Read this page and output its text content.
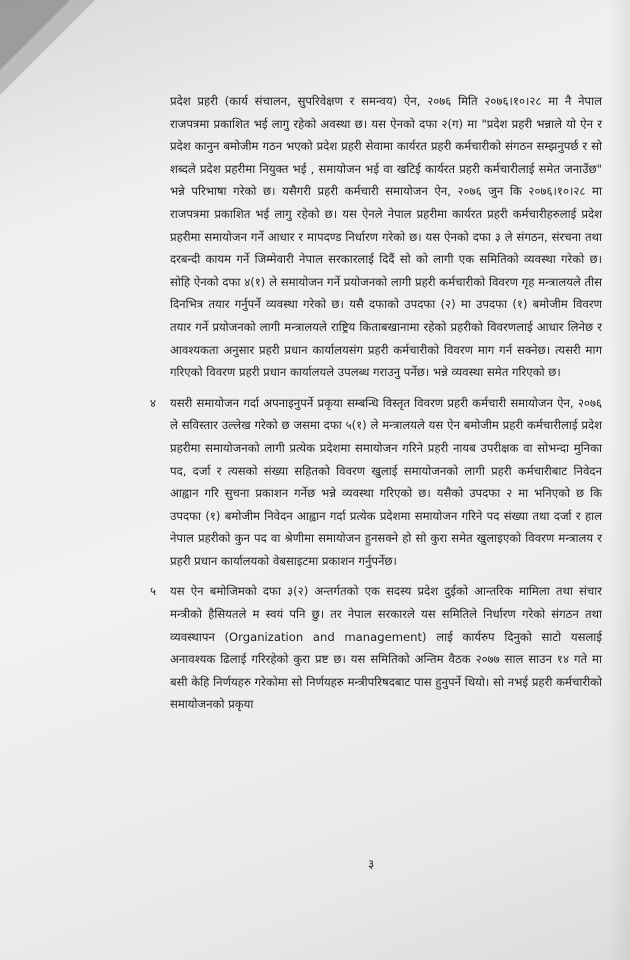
प्रदेश प्रहरी (कार्य संचालन, सुपरिवेक्षण र समन्वय) ऐन, २०७६ मिति २०७६।१०।२८ मा नै नेपाल राजपत्रमा प्रकाशित भई लागु रहेको अवस्था छ। यस ऐनको दफा २(ग) मा "प्रदेश प्रहरी भन्नाले यो ऐन र प्रदेश कानुन बमोजीम गठन भएको प्रदेश प्रहरी सेवामा कार्यरत प्रहरी कर्मचारीको संगठन सम्झनुपर्छ र सो शब्दले प्रदेश प्रहरीमा नियुक्त भई , समायोजन भई वा खटिई कार्यरत प्रहरी कर्मचारीलाई समेत जनाउँछ" भन्ने परिभाषा गरेको छ। यसैगरी प्रहरी कर्मचारी समायोजन ऐन, २०७६ जुन कि २०७६।१०।२८ मा राजपत्रमा प्रकाशित भई लागु रहेको छ। यस ऐनले नेपाल प्रहरीमा कार्यरत प्रहरी कर्मचारीहरुलाई प्रदेश प्रहरीमा समायोजन गर्ने आधार र मापदण्ड निर्धारण गरेको छ। यस ऐनको दफा ३ ले संगठन, संरचना तथा दरबन्दी कायम गर्ने जिम्मेवारी नेपाल सरकारलाई दिदैं सो को लागी एक समितिको व्यवस्था गरेको छ। सोहि ऐनको दफा ४(१) ले समायोजन गर्ने प्रयोजनको लागी प्रहरी कर्मचारीको विवरण गृह मन्त्रालयले तीस दिनभित्र तयार गर्नुपर्ने व्यवस्था गरेको छ। यसै दफाको उपदफा (२) मा उपदफा (१) बमोजीम विवरण तयार गर्ने प्रयोजनको लागी मन्त्रालयले राष्ट्रिय किताबखानामा रहेको प्रहरीको विवरणलाई आधार लिनेछ र आवश्यकता अनुसार प्रहरी प्रधान कार्यालयसंग प्रहरी कर्मचारीको विवरण माग गर्न सक्नेछ। त्यसरी माग गरिएको विवरण प्रहरी प्रधान कार्यालयले उपलब्ध गराउनु पर्नेछ। भन्ने व्यवस्था समेत गरिएको छ।
४ यसरी समायोजन गर्दा अपनाइनुपर्ने प्रकृया सम्बन्धि विस्तृत विवरण प्रहरी कर्मचारी समायोजन ऐन, २०७६ ले सविस्तार उल्लेख गरेको छ जसमा दफा ५(१) ले मन्त्रालयले यस ऐन बमोजीम प्रहरी कर्मचारीलाई प्रदेश प्रहरीमा समायोजनको लागी प्रत्येक प्रदेशमा समायोजन गरिने प्रहरी नायब उपरीक्षक वा सोभन्दा मुनिका पद, दर्जा र त्यसको संख्या सहितको विवरण खुलाई समायोजनको लागी प्रहरी कर्मचारीबाट निवेदन आह्वान गरि सुचना प्रकाशन गर्नेछ भन्ने व्यवस्था गरिएको छ। यसैको उपदफा २ मा भनिएको छ कि उपदफा (१) बमोजीम निवेदन आह्वान गर्दा प्रत्येक प्रदेशमा समायोजन गरिने पद संख्या तथा दर्जा र हाल नेपाल प्रहरीको कुन पद वा श्रेणीमा समायोजन हुनसक्ने हो सो कुरा समेत खुलाइएको विवरण मन्त्रालय र प्रहरी प्रधान कार्यालयको वेबसाइटमा प्रकाशन गर्नुपर्नेछ।
५ यस ऐन बमोजिमको दफा ३(२) अन्तर्गतको एक सदस्य प्रदेश दुईको आन्तरिक मामिला तथा संचार मन्त्रीको हैसियतले म स्वयं पनि छु। तर नेपाल सरकारले यस समितिले निर्धारण गरेको संगठन तथा व्यवस्थापन (Organization and management) लाई कार्यरुप दिनुको साटो यसलाई अनावश्यक ढिलाई गरिरहेको कुरा प्रष्ट छ। यस समितिको अन्तिम वैठक २०७७ साल साउन १४ गते मा बसी केहि निर्णयहरु गरेकोमा सो निर्णयहरु मन्त्रीपरिषदबाट पास हुनुपर्ने थियो। सो नभई प्रहरी कर्मचारीको समायोजनको प्रकृया
३
